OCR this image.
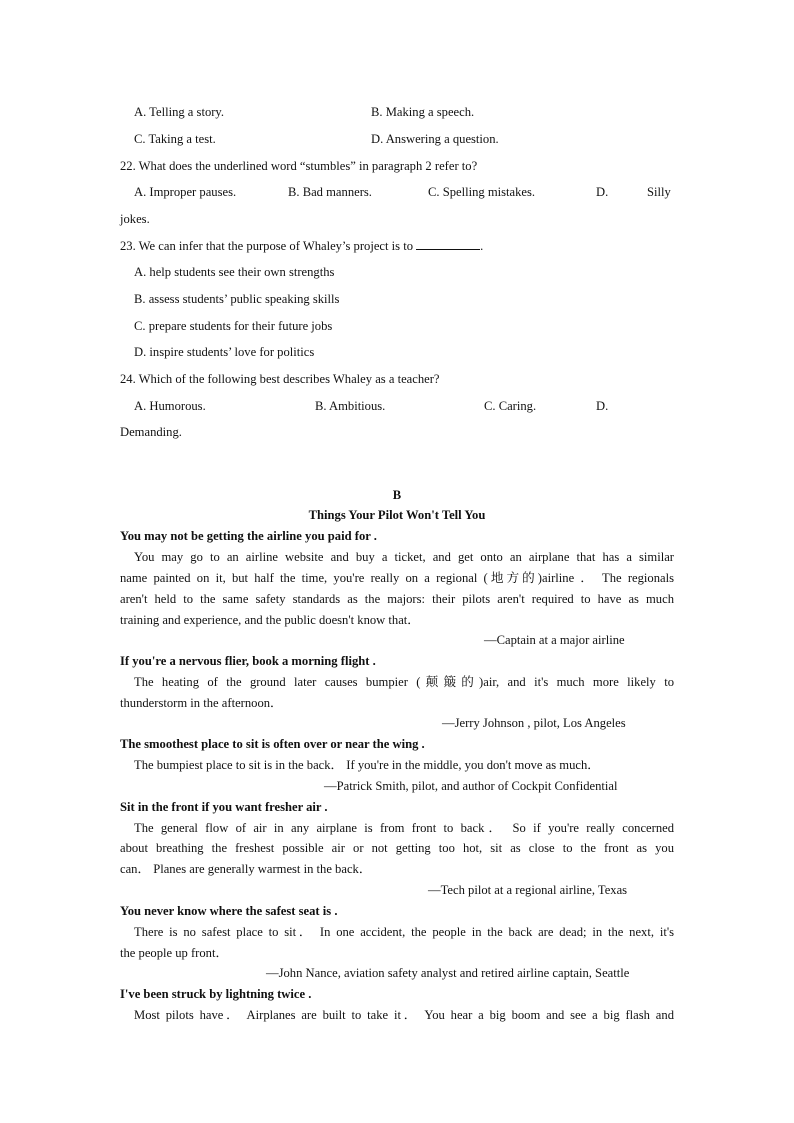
A. Telling a story.	B. Making a speech.
C. Taking a test.	D. Answering a question.
22. What does the underlined word “stumbles” in paragraph 2 refer to?
A. Improper pauses.	B. Bad manners.	C. Spelling mistakes.	D.	Silly
jokes.
23. We can infer that the purpose of Whaley’s project is to	.
A. help students see their own strengths
B. assess students’ public speaking skills
C. prepare students for their future jobs
D. inspire students’ love for politics
24. Which of the following best describes Whaley as a teacher?
A. Humorous.	B. Ambitious.	C. Caring.	D.
Demanding.
B
Things Your Pilot Won't Tell You
You may not be getting the airline you paid for .
You may go to an airline website and buy a ticket, and get onto an airplane that has a similar
name painted on it, but half the time, you're really on a regional (地方的)airline ． The regionals
aren't held to the same safety standards as the majors: their pilots aren't required to have as much
training and experience, and the public doesn't know that．
—Captain at a major airline
If you're a nervous flier, book a morning flight .
The heating of the ground later causes bumpier (颠簸的)air, and it's much more likely to
thunderstorm in the afternoon．
—Jerry Johnson , pilot, Los Angeles
The smoothest place to sit is often over or near the wing .
The bumpiest place to sit is in the back． If you're in the middle, you don't move as much．
—Patrick Smith, pilot, and author of Cockpit Confidential
Sit in the front if you want fresher air .
The general flow of air in any airplane is from front to back． So if you're really concerned
about breathing the freshest possible air or not getting too hot, sit as close to the front as you
can． Planes are generally warmest in the back．
—Tech pilot at a regional airline, Texas
You never know where the safest seat is .
There is no safest place to sit． In one accident, the people in the back are dead; in the next, it's
the people up front．
—John Nance, aviation safety analyst and retired airline captain, Seattle
I've been struck by lightning twice .
Most pilots have． Airplanes are built to take it． You hear a big boom and see a big flash and
